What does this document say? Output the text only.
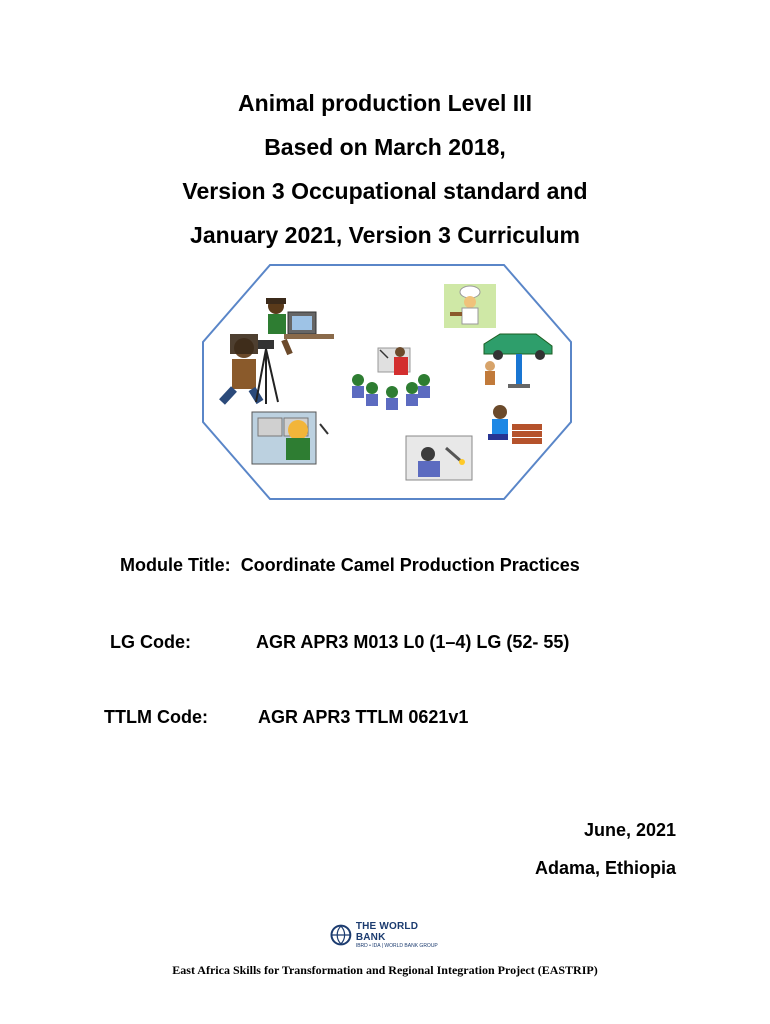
Animal production Level III
Based on March 2018,
Version 3 Occupational standard and
January 2021, Version 3 Curriculum
Module Title: Coordinate Camel Production Practices
LG Code:	AGR APR3 M013 L0 (1–4) LG (52- 55)
TTLM Code:	AGR APR3 TTLM 0621v1
June, 2021
Adama, Ethiopia
THE WORLD BANK
IBRD • IDA | WORLD BANK GROUP
East Africa Skills for Transformation and Regional Integration Project (EASTRIP)
